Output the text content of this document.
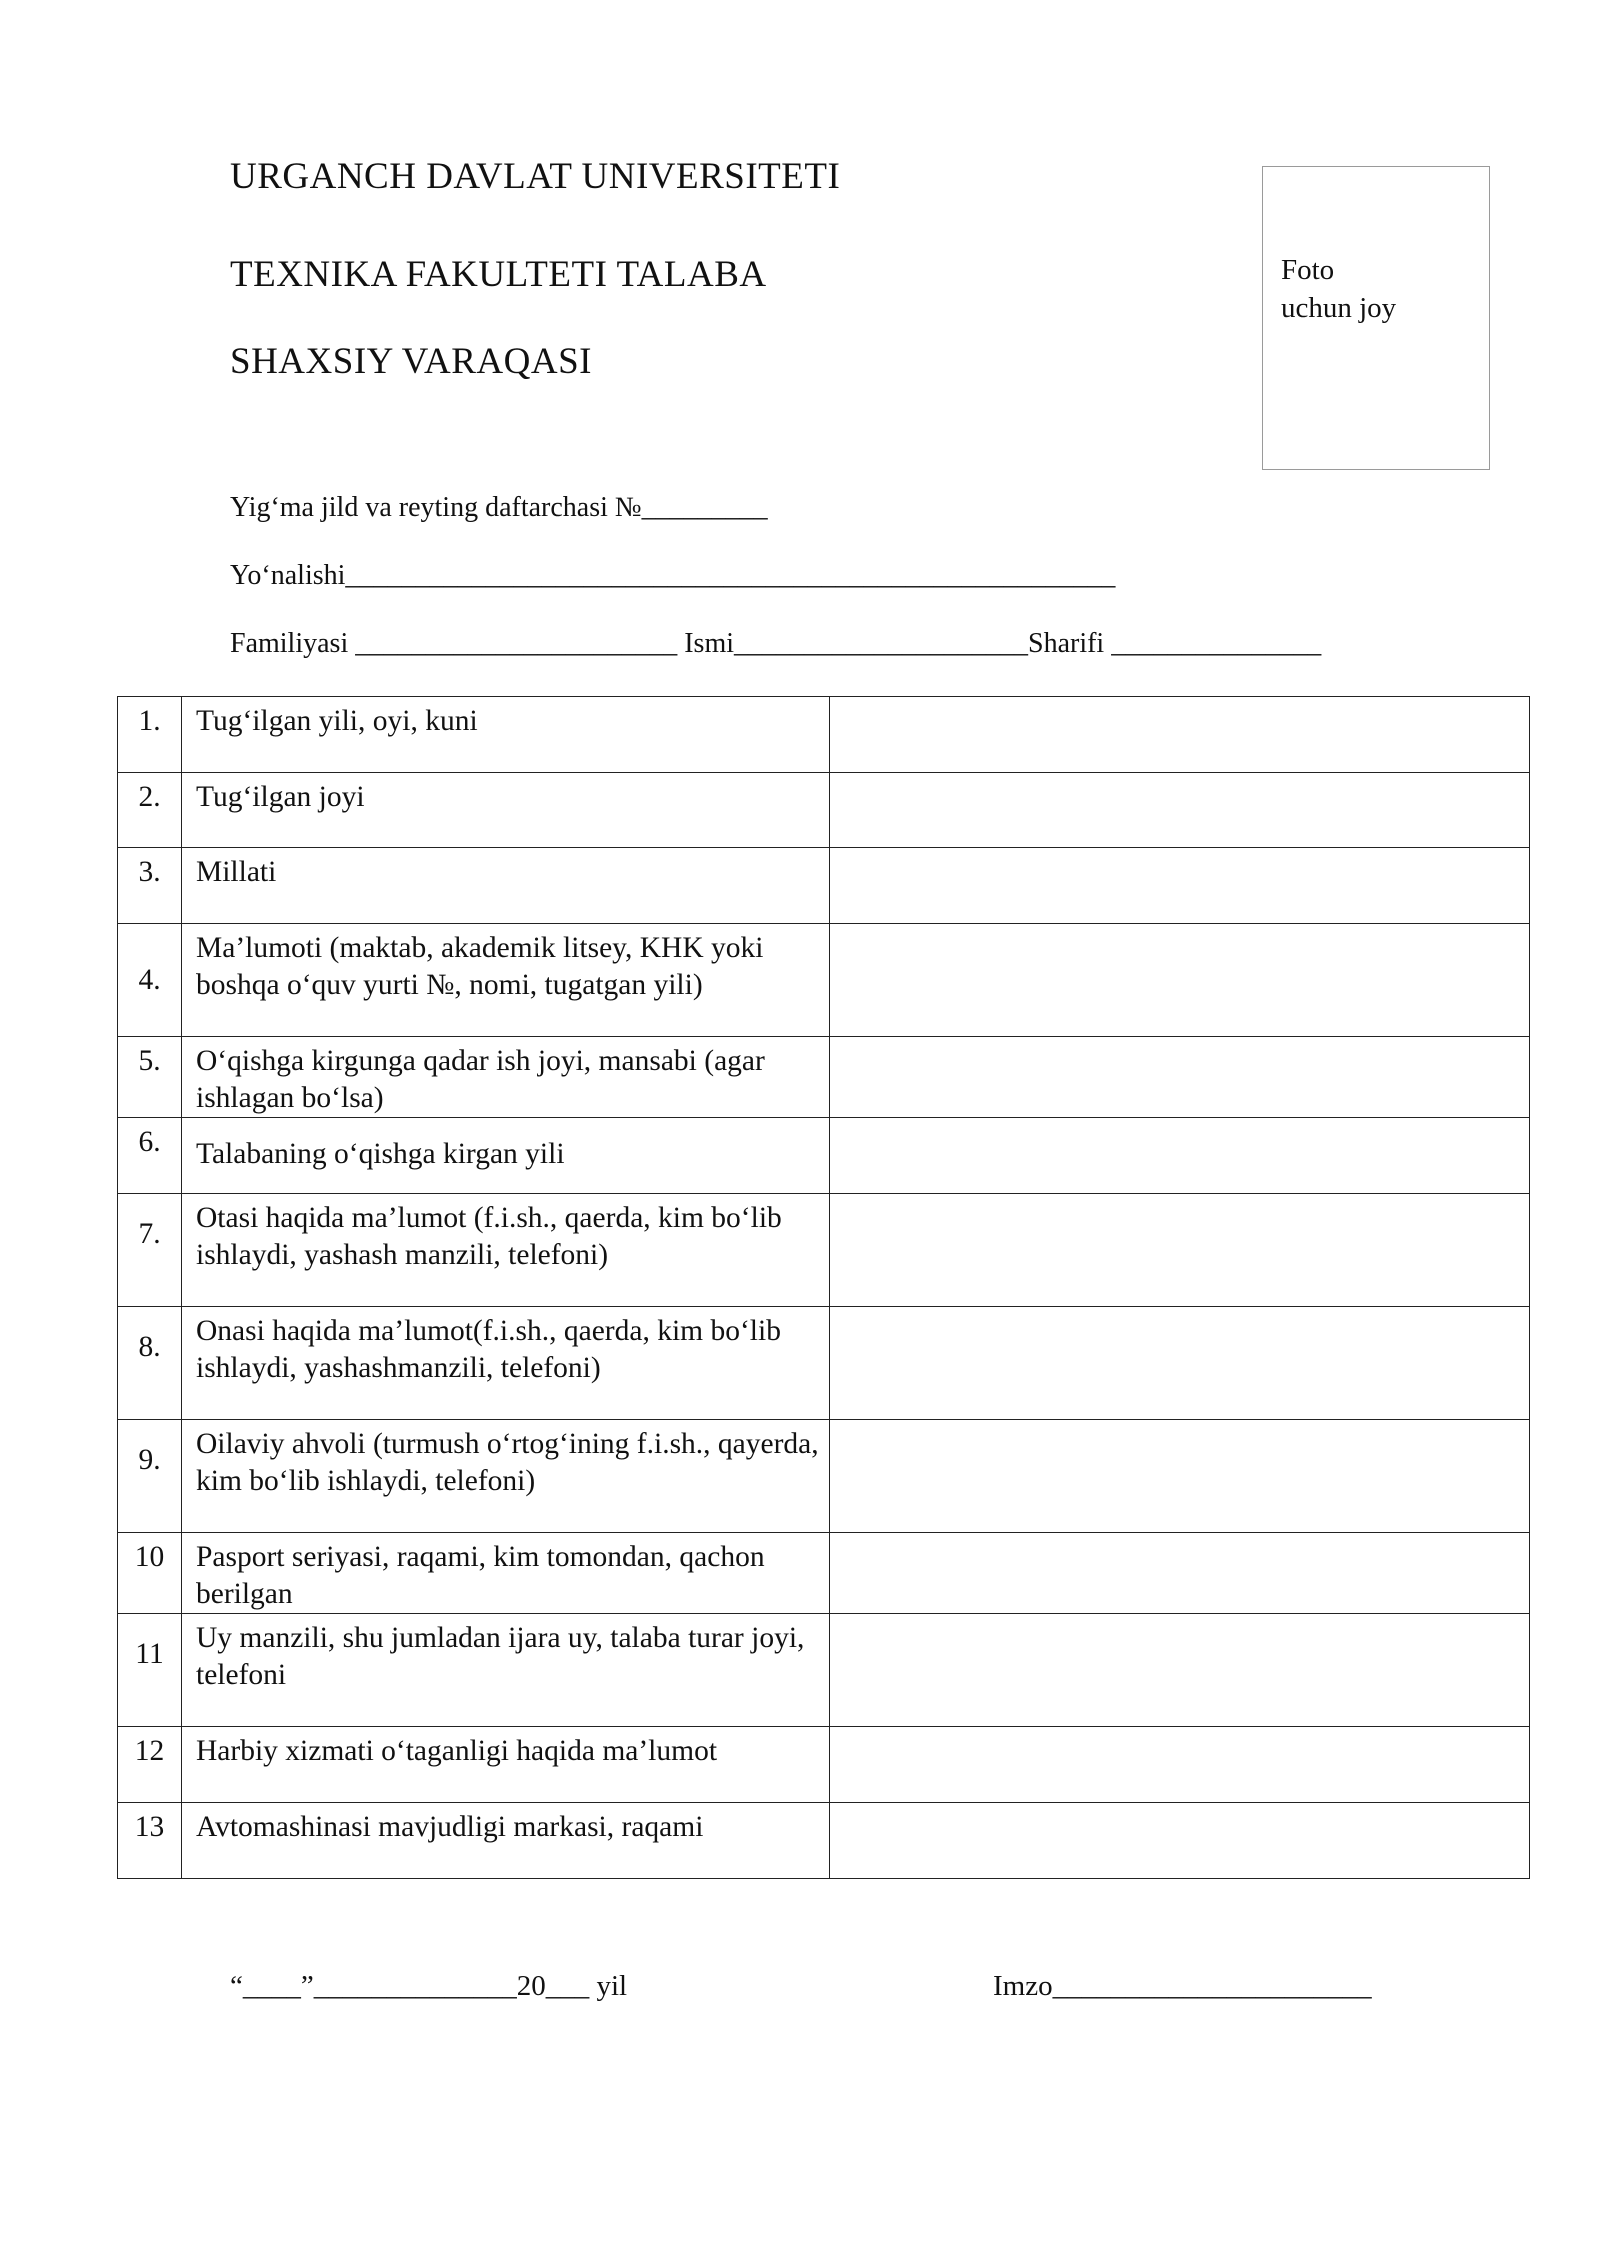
URGANCH DAVLAT UNIVERSITETI
TEXNIKA FAKULTETI TALABA
SHAXSIY VARAQASI
Foto
uchun joy
Yig‘ma jild va reyting daftarchasi №_________
Yo‘nalishi_______________________________________________________
Familiyasi _______________________ Ismi_____________________Sharifi _______________
1.	Tug‘ilgan yili, oyi, kuni	
2.	Tug‘ilgan joyi	
3.	Millati	
4.	Ma’lumoti (maktab, akademik litsey, KHK yoki boshqa o‘quv yurti №, nomi, tugatgan yili)	
5.	O‘qishga kirgunga qadar ish joyi, mansabi (agar ishlagan bo‘lsa)	
6.	Talabaning o‘qishga kirgan yili	
7.	Otasi haqida ma’lumot (f.i.sh., qaerda, kim bo‘lib ishlaydi, yashash manzili, telefoni)	
8.	Onasi haqida ma’lumot(f.i.sh., qaerda, kim bo‘lib ishlaydi, yashashmanzili, telefoni)	
9.	Oilaviy ahvoli (turmush o‘rtog‘ining f.i.sh., qayerda, kim bo‘lib ishlaydi, telefoni)	
10	Pasport seriyasi, raqami, kim tomondan, qachon berilgan	
11	Uy manzili, shu jumladan ijara uy, talaba turar joyi, telefoni	
12	Harbiy xizmati o‘taganligi haqida ma’lumot	
13	Avtomashinasi mavjudligi markasi, raqami	
“____”______________20___ yil	Imzo______________________
